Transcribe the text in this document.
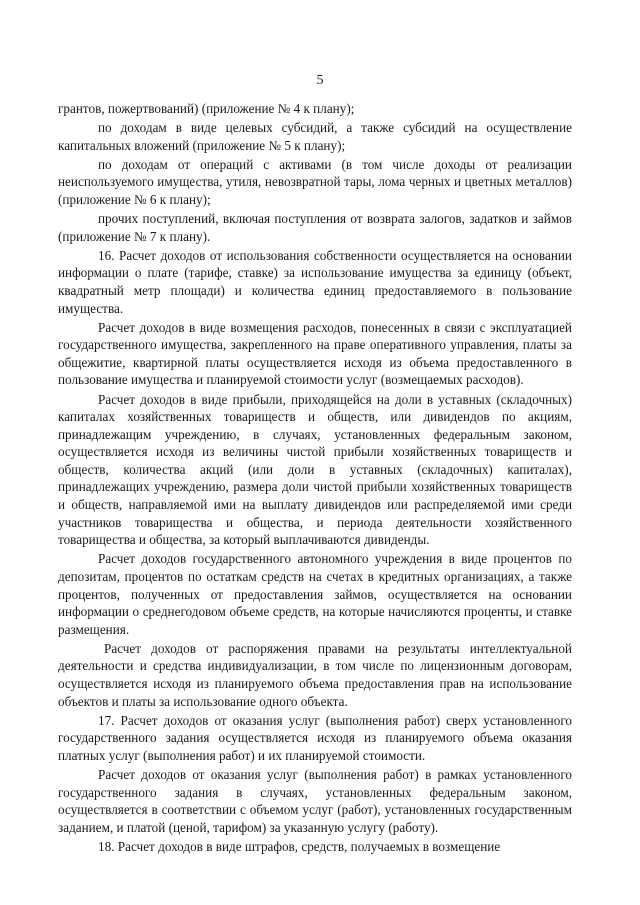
5

грантов, пожертвований) (приложение № 4 к плану);

по доходам в виде целевых субсидий, а также субсидий на осуществление капитальных вложений (приложение № 5 к плану);

по доходам от операций с активами (в том числе доходы от реализации неиспользуемого имущества, утиля, невозвратной тары, лома черных и цветных металлов) (приложение № 6 к плану);

прочих поступлений, включая поступления от возврата залогов, задатков и займов (приложение № 7 к плану).

16. Расчет доходов от использования собственности осуществляется на основании информации о плате (тарифе, ставке) за использование имущества за единицу (объект, квадратный метр площади) и количества единиц предоставляемого в пользование имущества.

Расчет доходов в виде возмещения расходов, понесенных в связи с эксплуатацией государственного имущества, закрепленного на праве оперативного управления, платы за общежитие, квартирной платы осуществляется исходя из объема предоставленного в пользование имущества и планируемой стоимости услуг (возмещаемых расходов).

Расчет доходов в виде прибыли, приходящейся на доли в уставных (складочных) капиталах хозяйственных товариществ и обществ, или дивидендов по акциям, принадлежащим учреждению, в случаях, установленных федеральным законом, осуществляется исходя из величины чистой прибыли хозяйственных товариществ и обществ, количества акций (или доли в уставных (складочных) капиталах), принадлежащих учреждению, размера доли чистой прибыли хозяйственных товариществ и обществ, направляемой ими на выплату дивидендов или распределяемой ими среди участников товарищества и общества, и периода деятельности хозяйственного товарищества и общества, за который выплачиваются дивиденды.

Расчет доходов государственного автономного учреждения в виде процентов по депозитам, процентов по остаткам средств на счетах в кредитных организациях, а также процентов, полученных от предоставления займов, осуществляется на основании информации о среднегодовом объеме средств, на которые начисляются проценты, и ставке размещения.

Расчет доходов от распоряжения правами на результаты интеллектуальной деятельности и средства индивидуализации, в том числе по лицензионным договорам, осуществляется исходя из планируемого объема предоставления прав на использование объектов и платы за использование одного объекта.

17. Расчет доходов от оказания услуг (выполнения работ) сверх установленного государственного задания осуществляется исходя из планируемого объема оказания платных услуг (выполнения работ) и их планируемой стоимости.

Расчет доходов от оказания услуг (выполнения работ) в рамках установленного государственного задания в случаях, установленных федеральным законом, осуществляется в соответствии с объемом услуг (работ), установленных государственным заданием, и платой (ценой, тарифом) за указанную услугу (работу).

18. Расчет доходов в виде штрафов, средств, получаемых в возмещение
